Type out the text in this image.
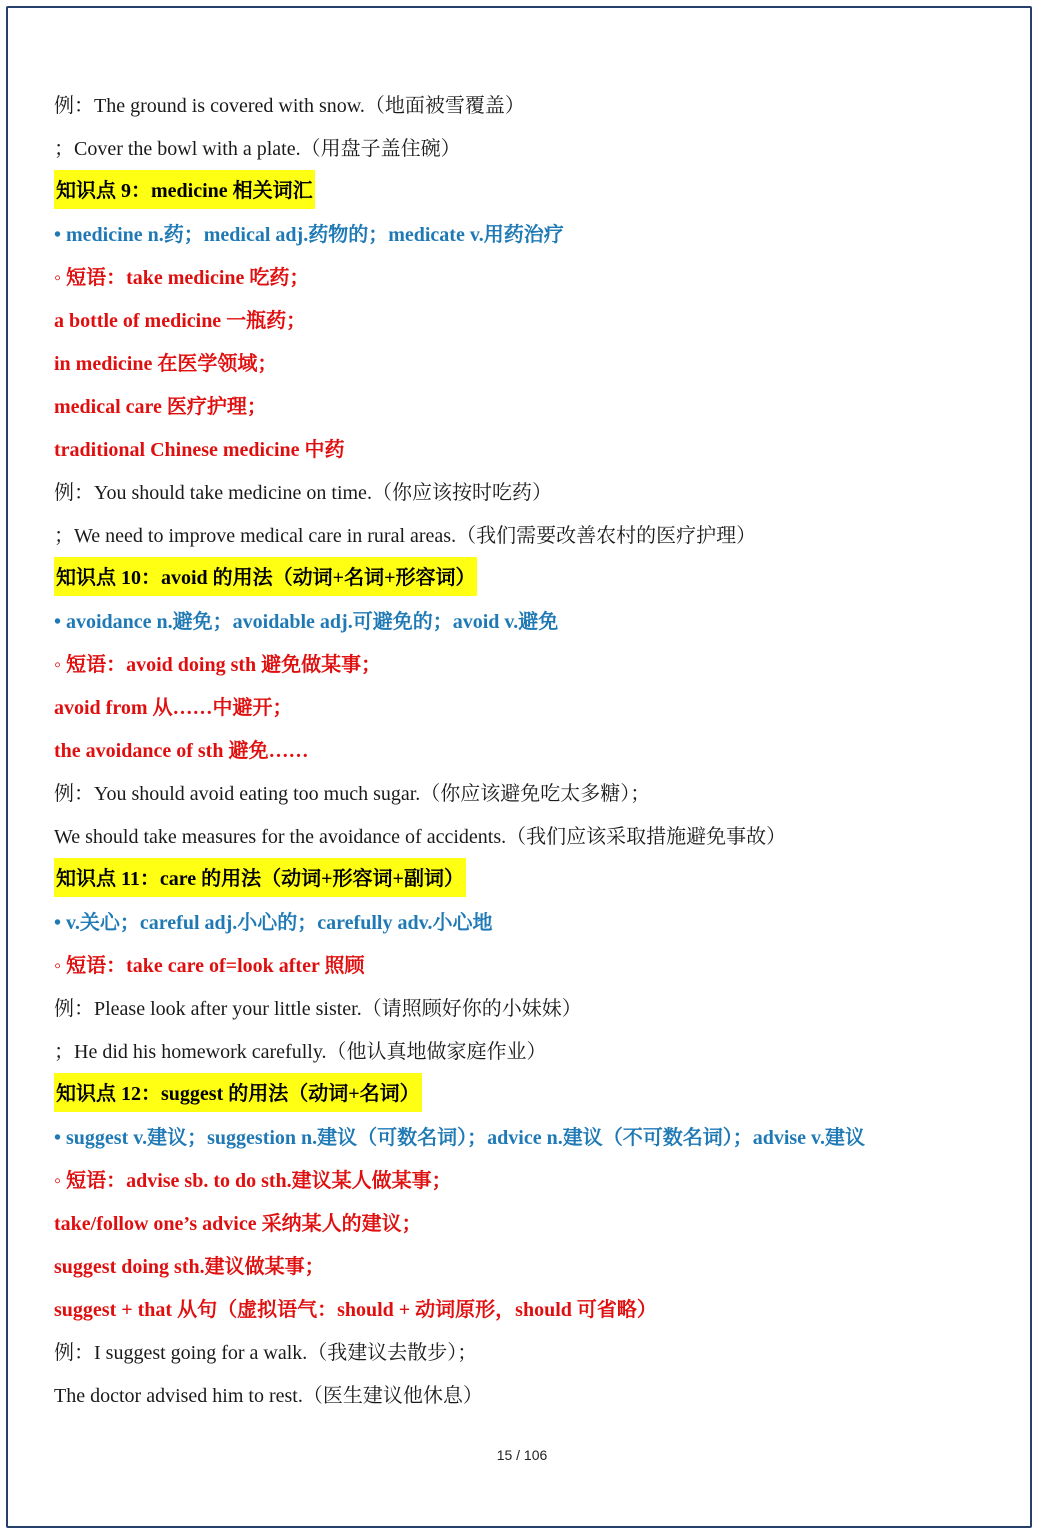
例：The ground is covered with snow.（地面被雪覆盖）
；Cover the bowl with a plate.（用盘子盖住碗）
知识点 9：medicine 相关词汇
• medicine n.药；medical adj.药物的；medicate v.用药治疗
◦ 短语：take medicine 吃药；
a bottle of medicine 一瓶药；
in medicine 在医学领域；
medical care 医疗护理；
traditional Chinese medicine 中药
例：You should take medicine on time.（你应该按时吃药）
；We need to improve medical care in rural areas.（我们需要改善农村的医疗护理）
知识点 10：avoid 的用法（动词+名词+形容词）
• avoidance n.避免；avoidable adj.可避免的；avoid v.避免
◦ 短语：avoid doing sth 避免做某事；
avoid from 从……中避开；
the avoidance of sth 避免……
例：You should avoid eating too much sugar.（你应该避免吃太多糖）；
We should take measures for the avoidance of accidents.（我们应该采取措施避免事故）
知识点 11：care 的用法（动词+形容词+副词）
• v.关心；careful adj.小心的；carefully adv.小心地
◦ 短语：take care of=look after 照顾
例：Please look after your little sister.（请照顾好你的小妹妹）
；He did his homework carefully.（他认真地做家庭作业）
知识点 12：suggest 的用法（动词+名词）
• suggest v.建议；suggestion n.建议（可数名词）；advice n.建议（不可数名词）；advise v.建议
◦ 短语：advise sb. to do sth.建议某人做某事；
take/follow one’s advice 采纳某人的建议；
suggest doing sth.建议做某事；
suggest + that 从句（虚拟语气：should + 动词原形，should 可省略）
例：I suggest going for a walk.（我建议去散步）；
The doctor advised him to rest.（医生建议他休息）
15 / 106
